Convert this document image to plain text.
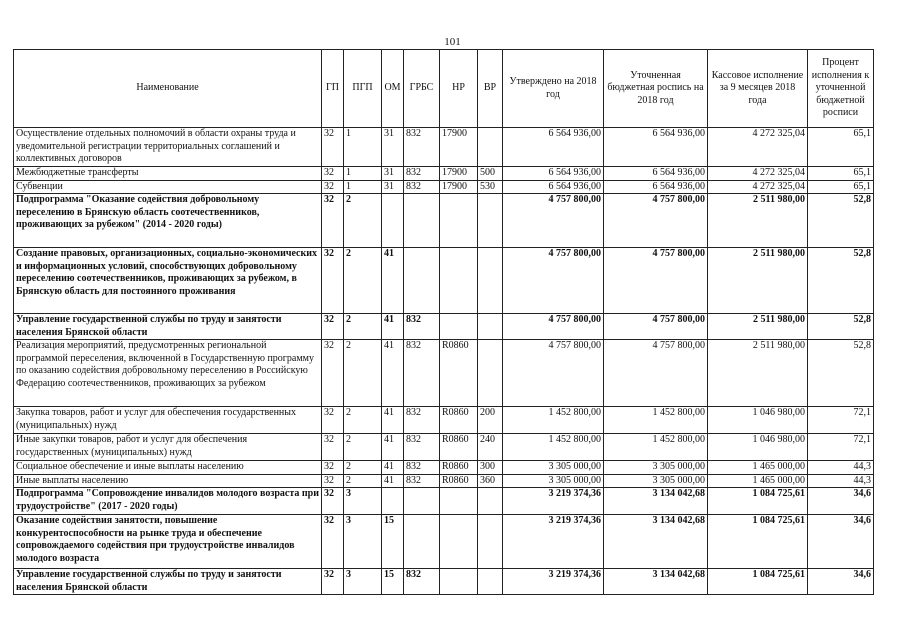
101
Наименование	ГП	ПГП	ОМ	ГРБС	НР	ВР	Утверждено на 2018 год	Уточненная бюджетная роспись на 2018 год	Кассовое исполнение за 9 месяцев 2018 года	Процент исполнения к уточненной бюджетной росписи
Осуществление отдельных полномочий в области охраны труда и уведомительной регистрации территориальных соглашений и коллективных договоров	32	1	31	832	17900		6 564 936,00	6 564 936,00	4 272 325,04	65,1
Межбюджетные трансферты	32	1	31	832	17900	500	6 564 936,00	6 564 936,00	4 272 325,04	65,1
Субвенции	32	1	31	832	17900	530	6 564 936,00	6 564 936,00	4 272 325,04	65,1
Подпрограмма "Оказание содействия добровольному переселению в Брянскую область соотечественников, проживающих за рубежом" (2014 - 2020 годы)	32	2					4 757 800,00	4 757 800,00	2 511 980,00	52,8
Создание правовых, организационных, социально-экономических и информационных условий, способствующих добровольному переселению соотечественников, проживающих за рубежом, в Брянскую область для постоянного проживания	32	2	41				4 757 800,00	4 757 800,00	2 511 980,00	52,8
Управление государственной службы по труду и занятости населения Брянской области	32	2	41	832			4 757 800,00	4 757 800,00	2 511 980,00	52,8
Реализация мероприятий, предусмотренных региональной программой переселения, включенной в Государственную программу по оказанию содействия добровольному переселению в Российскую Федерацию соотечественников, проживающих за рубежом	32	2	41	832	R0860		4 757 800,00	4 757 800,00	2 511 980,00	52,8
Закупка товаров, работ и услуг для обеспечения государственных (муниципальных) нужд	32	2	41	832	R0860	200	1 452 800,00	1 452 800,00	1 046 980,00	72,1
Иные закупки товаров, работ и услуг для обеспечения государственных (муниципальных) нужд	32	2	41	832	R0860	240	1 452 800,00	1 452 800,00	1 046 980,00	72,1
Социальное обеспечение и иные выплаты населению	32	2	41	832	R0860	300	3 305 000,00	3 305 000,00	1 465 000,00	44,3
Иные выплаты населению	32	2	41	832	R0860	360	3 305 000,00	3 305 000,00	1 465 000,00	44,3
Подпрограмма "Сопровождение инвалидов молодого возраста при трудоустройстве" (2017 - 2020 годы)	32	3					3 219 374,36	3 134 042,68	1 084 725,61	34,6
Оказание содействия занятости, повышение конкурентоспособности на рынке труда и обеспечение сопровождаемого содействия при трудоустройстве инвалидов молодого возраста	32	3	15				3 219 374,36	3 134 042,68	1 084 725,61	34,6
Управление государственной службы по труду и занятости населения Брянской области	32	3	15	832			3 219 374,36	3 134 042,68	1 084 725,61	34,6
